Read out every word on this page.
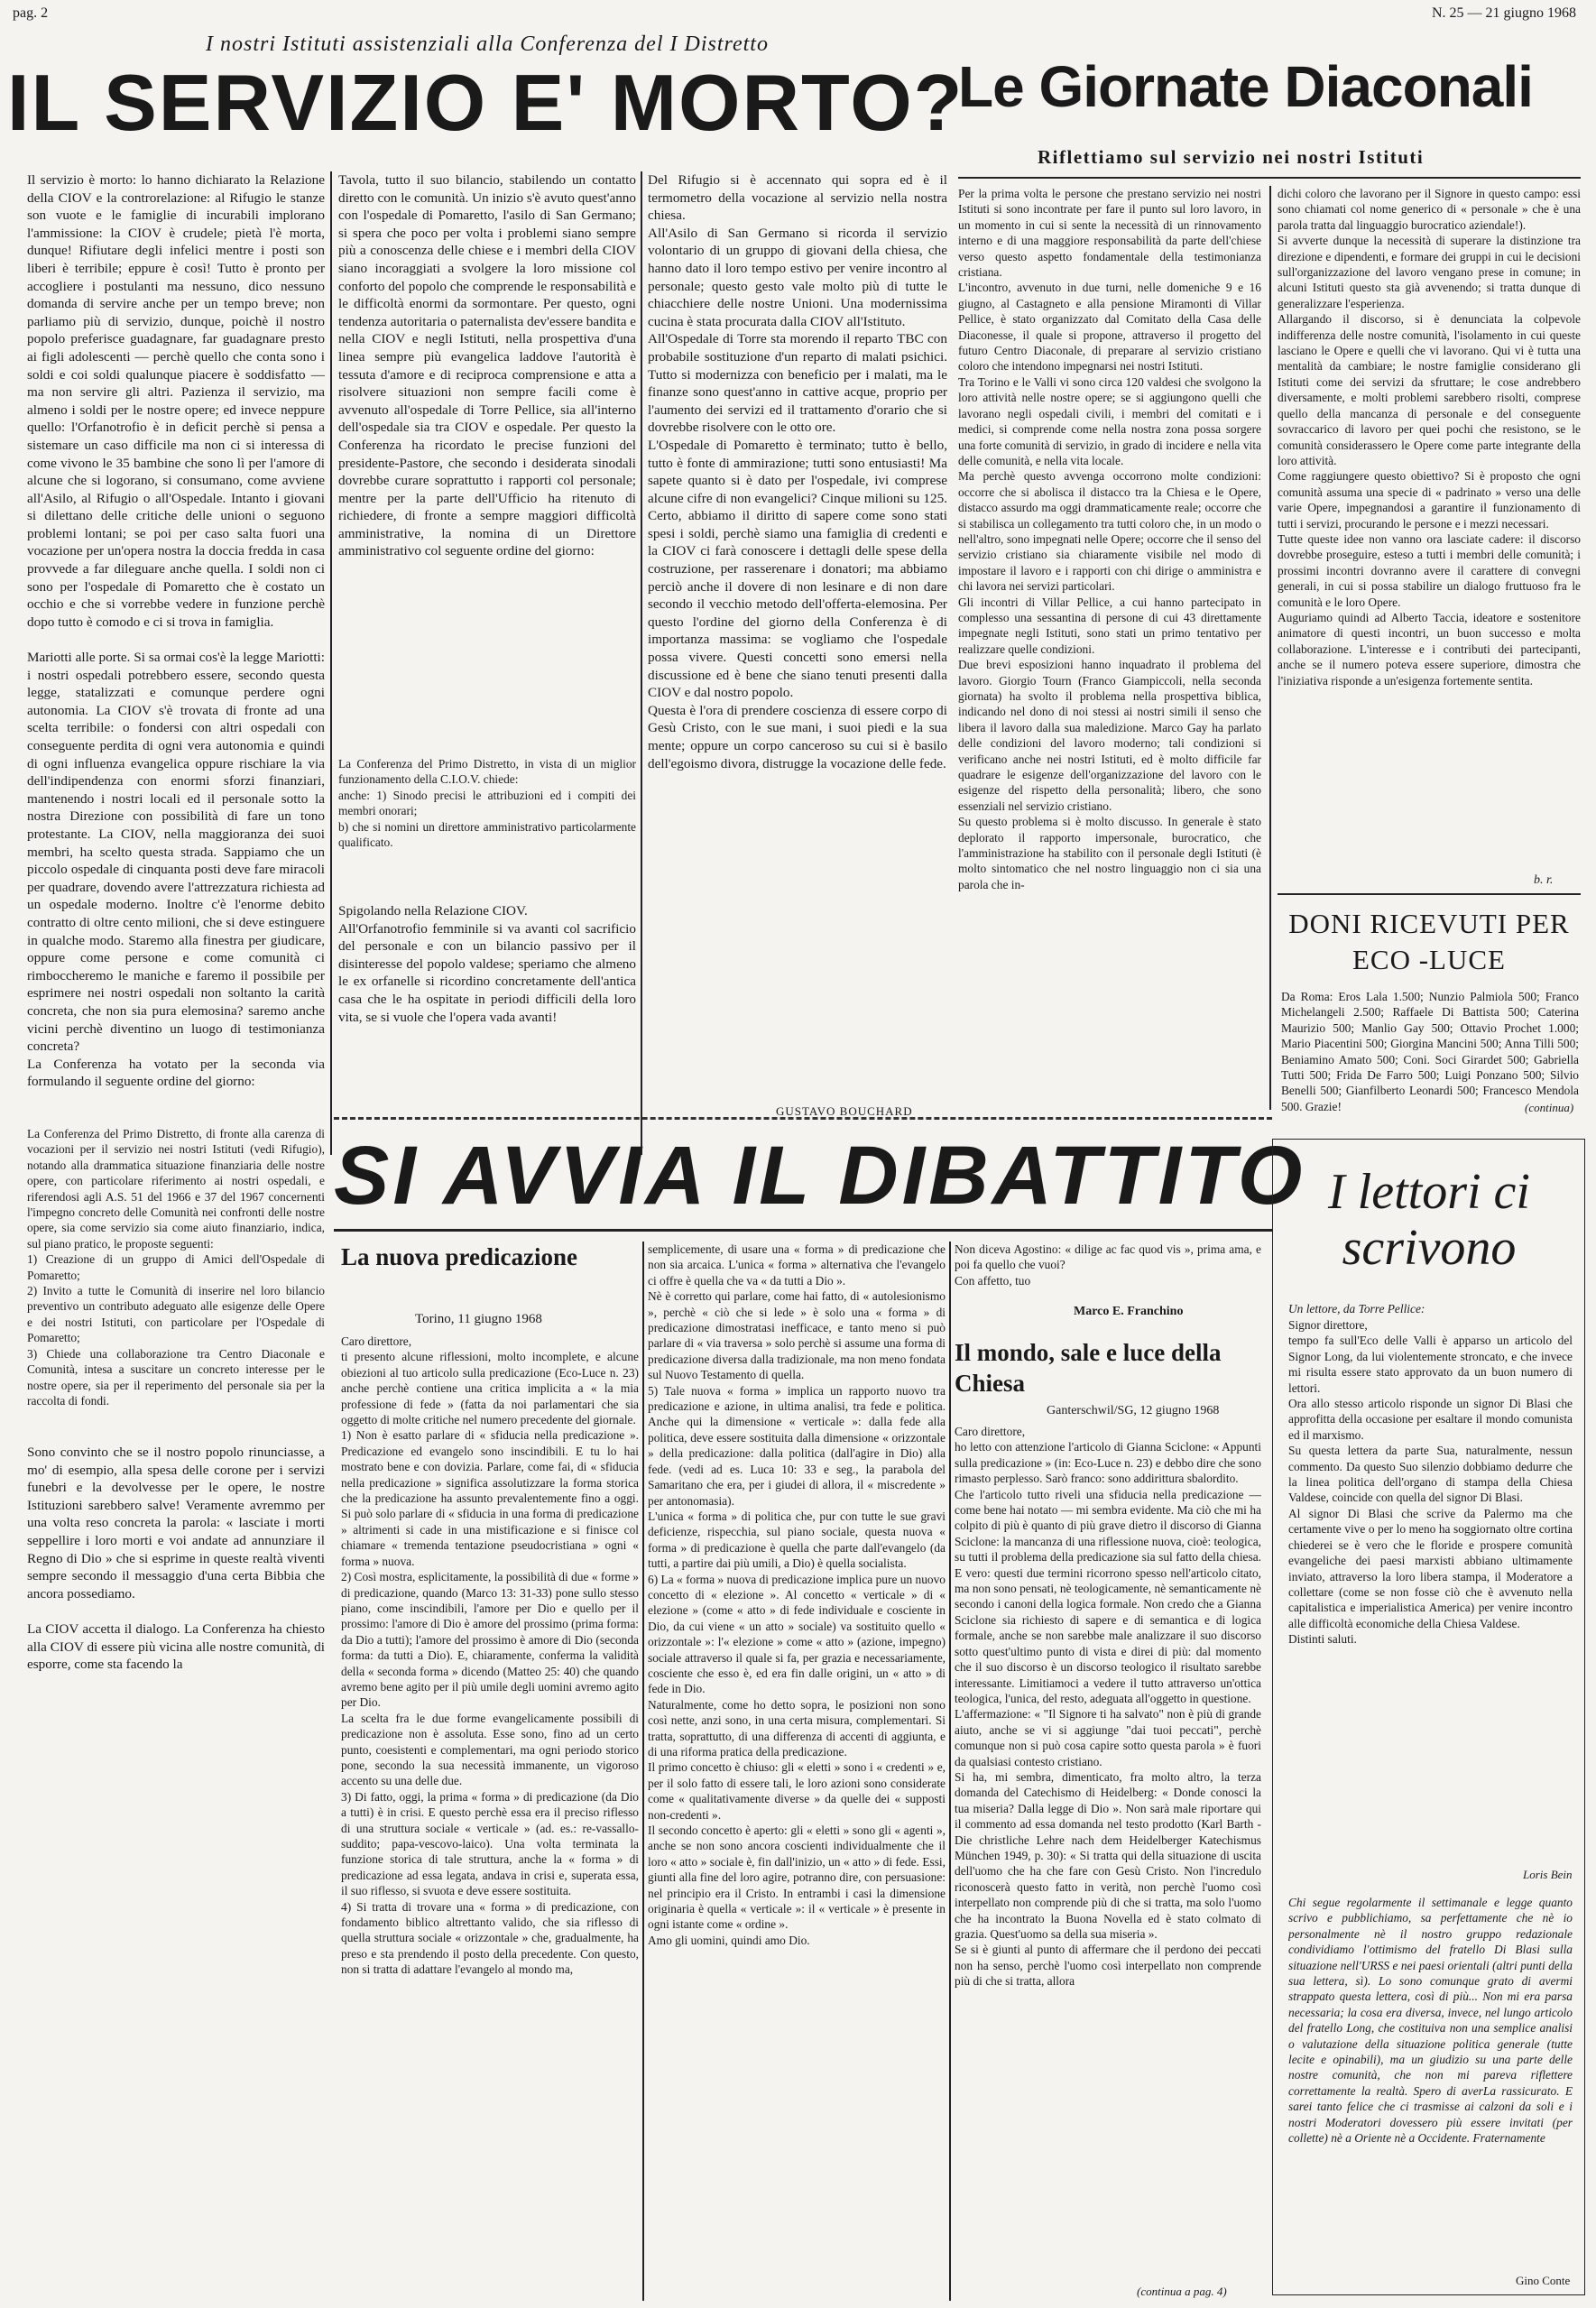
pag. 2	N. 25 — 21 giugno 1968
I nostri Istituti assistenziali alla Conferenza del I Distretto
IL SERVIZIO E' MORTO?
Il servizio è morto: lo hanno dichiarato la Relazione della CIOV e la controrelazione: al Rifugio le stanze son vuote e le famiglie di incurabili implorano l'ammissione: la CIOV è crudele; pietà l'è morta, dunque! Rifiutare degli infelici mentre i posti son liberi è terribile; eppure è così! Tutto è pronto per accogliere i postulanti ma nessuno, dico nessuno domanda di servire anche per un tempo breve; non parliamo più di servizio, dunque, poichè il nostro popolo preferisce guadagnare, far guadagnare presto ai figli adolescenti — perchè quello che conta sono i soldi e coi soldi qualunque piacere è soddisfatto — ma non servire gli altri. Pazienza il servizio, ma almeno i soldi per le nostre opere; ed invece neppure quello: l'Orfanotrofio è in deficit perchè si pensa a sistemare un caso difficile ma non ci si interessa di come vivono le 35 bambine che sono lì per l'amore di alcune che si logorano, si consumano, come avviene all'Asilo, al Rifugio o all'Ospedale. Intanto i giovani si dilettano delle critiche delle unioni o seguono problemi lontani; se poi per caso salta fuori una vocazione per un'opera nostra la doccia fredda in casa provvede a far dileguare anche quella. I soldi non ci sono per l'ospedale di Pomaretto che è costato un occhio e che si vorrebbe vedere in funzione perchè dopo tutto è comodo e ci si trova in famiglia.

Mariotti alle porte. Si sa ormai cos'è la legge Mariotti: i nostri ospedali potrebbero essere, secondo questa legge, statalizzati e comunque perdere ogni autonomia. La CIOV s'è trovata di fronte ad una scelta terribile: o fondersi con altri ospedali con conseguente perdita di ogni vera autonomia e quindi di ogni influenza evangelica oppure rischiare la via dell'indipendenza con enormi sforzi finanziari, mantenendo i nostri locali ed il personale sotto la nostra Direzione con possibilità di fare un tono protestante. La CIOV, nella maggioranza dei suoi membri, ha scelto questa strada. Sappiamo che un piccolo ospedale di cinquanta posti deve fare miracoli per quadrare, dovendo avere l'attrezzatura richiesta ad un ospedale moderno. Inoltre c'è l'enorme debito contratto di oltre cento milioni, che si deve estinguere in qualche modo. Staremo alla finestra per giudicare, oppure come persone e come comunità ci rimboccheremo le maniche e faremo il possibile per esprimere nei nostri ospedali non soltanto la carità concreta, che non sia pura elemosina? saremo anche vicini perchè diventino un luogo di testimonianza concreta?
La Conferenza ha votato per la seconda via formulando il seguente ordine del giorno:
La Conferenza del Primo Distretto, di fronte alla carenza di vocazioni per il servizio nei nostri Istituti (vedi Rifugio), notando alla drammatica situazione finanziaria delle nostre opere, con particolare riferimento ai nostri ospedali, e riferendosi agli A.S. 51 del 1966 e 37 del 1967 concernenti l'impegno concreto delle Comunità nei confronti delle nostre opere, sia come servizio sia come aiuto finanziario, indica, sul piano pratico, le proposte seguenti:
1) Creazione di un gruppo di Amici dell'Ospedale di Pomaretto;
2) Invito a tutte le Comunità di inserire nel loro bilancio preventivo un contributo adeguato alle esigenze delle Opere e dei nostri Istituti, con particolare per l'Ospedale di Pomaretto;
3) Chiede una collaborazione tra Centro Diaconale e Comunità, intesa a suscitare un concreto interesse per le nostre opere, sia per il reperimento del personale sia per la raccolta di fondi.
Sono convinto che se il nostro popolo rinunciasse, a mo' di esempio, alla spesa delle corone per i servizi funebri e la devolvesse per le opere, le nostre Istituzioni sarebbero salve! Veramente avremmo per una volta reso concreta la parola: « lasciate i morti seppellire i loro morti e voi andate ad annunziare il Regno di Dio » che si esprime in queste realtà viventi sempre secondo il messaggio d'una certa Bibbia che ancora possediamo.

La CIOV accetta il dialogo. La Conferenza ha chiesto alla CIOV di essere più vicina alle nostre comunità, di esporre, come sta facendo la
Tavola, tutto il suo bilancio, stabilendo un contatto diretto con le comunità. Un inizio s'è avuto quest'anno con l'ospedale di Pomaretto, l'asilo di San Germano; si spera che poco per volta i problemi siano sempre più a conoscenza delle chiese e i membri della CIOV siano incoraggiati a svolgere la loro missione col conforto del popolo che comprende le responsabilità e le difficoltà enormi da sormontare. Per questo, ogni tendenza autoritaria o paternalista dev'essere bandita e nella CIOV e negli Istituti, nella prospettiva d'una linea sempre più evangelica laddove l'autorità è tessuta d'amore e di reciproca comprensione e atta a risolvere situazioni non sempre facili come è avvenuto all'ospedale di Torre Pellice, sia all'interno dell'ospedale sia tra CIOV e ospedale. Per questo la Conferenza ha ricordato le precise funzioni del presidente-Pastore, che secondo i desiderata sinodali dovrebbe curare soprattutto i rapporti col personale; mentre per la parte dell'Ufficio ha ritenuto di richiedere, di fronte a sempre maggiori difficoltà amministrative, la nomina di un Direttore amministrativo col seguente ordine del giorno:
La Conferenza del Primo Distretto, in vista di un miglior funzionamento della C.I.O.V. chiede:
anche: 1) Sinodo precisi le attribuzioni ed i compiti dei membri onorari;
b) che si nomini un direttore amministrativo particolarmente qualificato.
Spigolando nella Relazione CIOV.
All'Orfanotrofio femminile si va avanti col sacrificio del personale e con un bilancio passivo per il disinteresse del popolo valdese; speriamo che almeno le ex orfanelle si ricordino concretamente dell'antica casa che le ha ospitate in periodi difficili della loro vita, se si vuole che l'opera vada avanti!
Del Rifugio si è accennato qui sopra ed è il termometro della vocazione al servizio nella nostra chiesa.
All'Asilo di San Germano si ricorda il servizio volontario di un gruppo di giovani della chiesa, che hanno dato il loro tempo estivo per venire incontro al personale; questo gesto vale molto più di tutte le chiacchiere delle nostre Unioni. Una modernissima cucina è stata procurata dalla CIOV all'Istituto.
All'Ospedale di Torre sta morendo il reparto TBC con probabile sostituzione d'un reparto di malati psichici. Tutto si modernizza con beneficio per i malati, ma le finanze sono quest'anno in cattive acque, proprio per l'aumento dei servizi ed il trattamento d'orario che si dovrebbe risolvere con le otto ore.
L'Ospedale di Pomaretto è terminato; tutto è bello, tutto è fonte di ammirazione; tutti sono entusiasti! Ma sapete quanto si è dato per l'ospedale, ivi comprese alcune cifre di non evangelici? Cinque milioni su 125. Certo, abbiamo il diritto di sapere come sono stati spesi i soldi, perchè siamo una famiglia di credenti e la CIOV ci farà conoscere i dettagli delle spese della costruzione, per rasserenare i donatori; ma abbiamo perciò anche il dovere di non lesinare e di non dare secondo il vecchio metodo dell'offerta-elemosina. Per questo l'ordine del giorno della Conferenza è di importanza massima: se vogliamo che l'ospedale possa vivere. Questi concetti sono emersi nella discussione ed è bene che siano tenuti presenti dalla CIOV e dal nostro popolo.
Questa è l'ora di prendere coscienza di essere corpo di Gesù Cristo, con le sue mani, i suoi piedi e la sua mente; oppure un corpo canceroso su cui si è basilo dell'egoismo divora, distrugge la vocazione delle fede.
GUSTAVO BOUCHARD
Le Giornate Diaconali
Riflettiamo sul servizio nei nostri Istituti
Per la prima volta le persone che prestano servizio nei nostri Istituti si sono incontrate per fare il punto sul loro lavoro, in un momento in cui si sente la necessità di un rinnovamento interno e di una maggiore responsabilità da parte dell'chiese verso questo aspetto fondamentale della testimonianza cristiana.
L'incontro, avvenuto in due turni, nelle domeniche 9 e 16 giugno, al Castagneto e alla pensione Miramonti di Villar Pellice, è stato organizzato dal Comitato della Casa delle Diaconesse, il quale si propone, attraverso il progetto del futuro Centro Diaconale, di preparare al servizio cristiano coloro che intendono impegnarsi nei nostri Istituti.
Tra Torino e le Valli vi sono circa 120 valdesi che svolgono la loro attività nelle nostre opere; se si aggiungono quelli che lavorano negli ospedali civili, i membri del comitati e i medici, si comprende come nella nostra zona possa sorgere una forte comunità di servizio, in grado di incidere e nella vita delle comunità, e nella vita locale.
Ma perchè questo avvenga occorrono molte condizioni: occorre che si abolisca il distacco tra la Chiesa e le Opere, distacco assurdo ma oggi drammaticamente reale; occorre che si stabilisca un collegamento tra tutti coloro che, in un modo o nell'altro, sono impegnati nelle Opere; occorre che il senso del servizio cristiano sia chiaramente visibile nel modo di impostare il lavoro e i rapporti con chi dirige o amministra e chi lavora nei servizi particolari.
Gli incontri di Villar Pellice, a cui hanno partecipato in complesso una sessantina di persone di cui 43 direttamente impegnate negli Istituti, sono stati un primo tentativo per realizzare quelle condizioni.
Due brevi esposizioni hanno inquadrato il problema del lavoro. Giorgio Tourn (Franco Giampiccoli, nella seconda giornata) ha svolto il problema nella prospettiva biblica, indicando nel dono di noi stessi ai nostri simili il senso che libera il lavoro dalla sua maledizione. Marco Gay ha parlato delle condizioni del lavoro moderno; tali condizioni si verificano anche nei nostri Istituti, ed è molto difficile far quadrare le esigenze dell'organizzazione del lavoro con le esigenze del rispetto della personalità; libero, che sono essenziali nel servizio cristiano.
Su questo problema si è molto discusso. In generale è stato deplorato il rapporto impersonale, burocratico, che l'amministrazione ha stabilito con il personale degli Istituti (è molto sintomatico che nel nostro linguaggio non ci sia una parola che in-
dichi coloro che lavorano per il Signore in questo campo: essi sono chiamati col nome generico di « personale » che è una parola tratta dal linguaggio burocratico aziendale!).
Si avverte dunque la necessità di superare la distinzione tra direzione e dipendenti, e formare dei gruppi in cui le decisioni sull'organizzazione del lavoro vengano prese in comune; in alcuni Istituti questo sta già avvenendo; si tratta dunque di generalizzare l'esperienza.
Allargando il discorso, si è denunciata la colpevole indifferenza delle nostre comunità, l'isolamento in cui queste lasciano le Opere e quelli che vi lavorano. Qui vi è tutta una mentalità da cambiare; le nostre famiglie considerano gli Istituti come dei servizi da sfruttare; le cose andrebbero diversamente, e molti problemi sarebbero risolti, comprese quello della mancanza di personale e del conseguente sovraccarico di lavoro per quei pochi che resistono, se le comunità considerassero le Opere come parte integrante della loro attività.
Come raggiungere questo obiettivo? Si è proposto che ogni comunità assuma una specie di « padrinato » verso una delle varie Opere, impegnandosi a garantire il funzionamento di tutti i servizi, procurando le persone e i mezzi necessari.
Tutte queste idee non vanno ora lasciate cadere: il discorso dovrebbe proseguire, esteso a tutti i membri delle comunità; i prossimi incontri dovranno avere il carattere di convegni generali, in cui si possa stabilire un dialogo fruttuoso fra le comunità e le loro Opere.
Auguriamo quindi ad Alberto Taccia, ideatore e sostenitore animatore di questi incontri, un buon successo e molta collaborazione. L'interesse e i contributi dei partecipanti, anche se il numero poteva essere superiore, dimostra che l'iniziativa risponde a un'esigenza fortemente sentita.
b. r.
DONI RICEVUTI PER ECO -LUCE
Da Roma: Eros Lala 1.500; Nunzio Palmiola 500; Franco Michelangeli 2.500; Raffaele Di Battista 500; Caterina Maurizio 500; Manlio Gay 500; Ottavio Prochet 1.000; Mario Piacentini 500; Giorgina Mancini 500; Anna Tilli 500; Beniamino Amato 500; Coni. Soci Girardet 500; Gabriella Tutti 500; Frida De Farro 500; Luigi Ponzano 500; Silvio Benelli 500; Gianfilberto Leonardi 500; Francesco Mendola 500. Grazie!	(continua)
SI AVVIA IL DIBATTITO
La nuova predicazione
Torino, 11 giugno 1968
Caro direttore,
ti presento alcune riflessioni, molto incomplete, e alcune obiezioni al tuo articolo sulla predicazione (Eco-Luce n. 23) anche perchè contiene una critica implicita a « la mia professione di fede » (fatta da noi parlamentari che sia oggetto di molte critiche nel numero precedente del giornale.
1) Non è esatto parlare di « sfiducia nella predicazione ». Predicazione ed evangelo sono inscindibili. E tu lo hai mostrato bene e con dovizia. Parlare, come fai, di « sfiducia nella predicazione » significa assolutizzare la forma storica che la predicazione ha assunto prevalentemente fino a oggi. Si può solo parlare di « sfiducia in una forma di predicazione » altrimenti si cade in una mistificazione e si finisce col chiamare « tremenda tentazione pseudocristiana » ogni « forma » nuova.
2) Così mostra, esplicitamente, la possibilità di due « forme » di predicazione, quando (Marco 13: 31-33) pone sullo stesso piano, come inscindibili, l'amore per Dio e quello per il prossimo: l'amore di Dio è amore del prossimo (prima forma: da Dio a tutti); l'amore del prossimo è amore di Dio (seconda forma: da tutti a Dio). E, chiaramente, conferma la validità della « seconda forma » dicendo (Matteo 25: 40) che quando avremo bene agito per il più umile degli uomini avremo agito per Dio.
La scelta fra le due forme evangelicamente possibili di predicazione non è assoluta. Esse sono, fino ad un certo punto, coesistenti e complementari, ma ogni periodo storico pone, secondo la sua necessità immanente, un vigoroso accento su una delle due.
3) Di fatto, oggi, la prima « forma » di predicazione (da Dio a tutti) è in crisi. E questo perchè essa era il preciso riflesso di una struttura sociale « verticale » (ad. es.: re-vassallo-suddito; papa-vescovo-laico). Una volta terminata la funzione storica di tale struttura, anche la « forma » di predicazione ad essa legata, andava in crisi e, superata essa, il suo riflesso, si svuota e deve essere sostituita.
4) Si tratta di trovare una « forma » di predicazione, con fondamento biblico altrettanto valido, che sia riflesso di quella struttura sociale « orizzontale » che, gradualmente, ha preso e sta prendendo il posto della precedente. Con questo, non si tratta di adattare l'evangelo al mondo ma,
semplicemente, di usare una « forma » di predicazione che non sia arcaica. L'unica « forma » alternativa che l'evangelo ci offre è quella che va « da tutti a Dio ».
Nè è corretto qui parlare, come hai fatto, di « autolesionismo », perchè « ciò che si lede » è solo una « forma » di predicazione dimostratasi inefficace, e tanto meno si può parlare di « via traversa » solo perchè si assume una forma di predicazione diversa dalla tradizionale, ma non meno fondata sul Nuovo Testamento di quella.
5) Tale nuova « forma » implica un rapporto nuovo tra predicazione e azione, in ultima analisi, tra fede e politica. Anche qui la dimensione « verticale »: dalla fede alla politica, deve essere sostituita dalla dimensione « orizzontale » della predicazione: dalla politica (dall'agire in Dio) alla fede. (vedi ad es. Luca 10: 33 e seg., la parabola del Samaritano che era, per i giudei di allora, il « miscredente » per antonomasia).
L'unica « forma » di politica che, pur con tutte le sue gravi deficienze, rispecchia, sul piano sociale, questa nuova « forma » di predicazione è quella che parte dall'evangelo (da tutti, a partire dai più umili, a Dio) è quella socialista.
6) La « forma » nuova di predicazione implica pure un nuovo concetto di « elezione ». Al concetto « verticale » di « elezione » (come « atto » di fede individuale e cosciente in Dio, da cui viene « un atto » sociale) va sostituito quello « orizzontale »: l'« elezione » come « atto » (azione, impegno) sociale attraverso il quale si fa, per grazia e necessariamente, cosciente che esso è, ed era fin dalle origini, un « atto » di fede in Dio.
Naturalmente, come ho detto sopra, le posizioni non sono così nette, anzi sono, in una certa misura, complementari. Si tratta, soprattutto, di una differenza di accenti di aggiunta, e di una riforma pratica della predicazione.
Il primo concetto è chiuso: gli « eletti » sono i « credenti » e, per il solo fatto di essere tali, le loro azioni sono considerate come « qualitativamente diverse » da quelle dei « supposti non-credenti ».
Il secondo concetto è aperto: gli « eletti » sono gli « agenti », anche se non sono ancora coscienti individualmente che il loro « atto » sociale è, fin dall'inizio, un « atto » di fede. Essi, giunti alla fine del loro agire, potranno dire, con persuasione: nel principio era il Cristo. In entrambi i casi la dimensione originaria è quella « verticale »: il « verticale » è presente in ogni istante come « ordine ».
Amo gli uomini, quindi amo Dio.
Non diceva Agostino: « dilige ac fac quod vis », prima ama, e poi fa quello che vuoi?
Con affetto, tuo
Marco E. Franchino
Il mondo, sale e luce della Chiesa
Ganterschwil/SG, 12 giugno 1968
Caro direttore,
ho letto con attenzione l'articolo di Gianna Sciclone: « Appunti sulla predicazione » (in: Eco-Luce n. 23) e debbo dire che sono rimasto perplesso. Sarò franco: sono addirittura sbalordito.
Che l'articolo tutto riveli una sfiducia nella predicazione — come bene hai notato — mi sembra evidente. Ma ciò che mi ha colpito di più è quanto di più grave dietro il discorso di Gianna Sciclone: la mancanza di una riflessione nuova, cioè: teologica, su tutti il problema della predicazione sia sul fatto della chiesa. E vero: questi due termini ricorrono spesso nell'articolo citato, ma non sono pensati, nè teologicamente, nè semanticamente nè secondo i canoni della logica formale. Non credo che a Gianna Sciclone sia richiesto di sapere e di semantica e di logica formale, anche se non sarebbe male analizzare il suo discorso sotto quest'ultimo punto di vista e direi di più: dal momento che il suo discorso è un discorso teologico il risultato sarebbe interessante. Limitiamoci a vedere il tutto attraverso un'ottica teologica, l'unica, del resto, adeguata all'oggetto in questione.
L'affermazione: « "Il Signore ti ha salvato" non è più di grande aiuto, anche se vi si aggiunge "dai tuoi peccati", perchè comunque non si può cosa capire sotto questa parola » è fuori da qualsiasi contesto cristiano.
Si ha, mi sembra, dimenticato, fra molto altro, la terza domanda del Catechismo di Heidelberg: « Donde conosci la tua miseria? Dalla legge di Dio ». Non sarà male riportare qui il commento ad essa domanda nel testo prodotto (Karl Barth - Die christliche Lehre nach dem Heidelberger Katechismus München 1949, p. 30): « Si tratta qui della situazione di uscita dell'uomo che ha che fare con Gesù Cristo. Non l'incredulo riconoscerà questo fatto in verità, non perchè l'uomo così interpellato non comprende più di che si tratta, ma solo l'uomo che ha incontrato la Buona Novella ed è stato colmato di grazia. Quest'uomo sa della sua miseria ».
Se si è giunti al punto di affermare che il perdono dei peccati non ha senso, perchè l'uomo così interpellato non comprende più di che si tratta, allora
(continua a pag. 4)
I lettori ci scrivono
Un lettore, da Torre Pellice:
Signor direttore,
tempo fa sull'Eco delle Valli è apparso un articolo del Signor Long, da lui violentemente stroncato, e che invece mi risulta essere stato approvato da un buon numero di lettori.
Ora allo stesso articolo risponde un signor Di Blasi che approfitta della occasione per esaltare il mondo comunista ed il marxismo.
Su questa lettera da parte Sua, naturalmente, nessun commento. Da questo Suo silenzio dobbiamo dedurre che la linea politica dell'organo di stampa della Chiesa Valdese, coincide con quella del signor Di Blasi.
Al signor Di Blasi che scrive da Palermo ma che certamente vive o per lo meno ha soggiornato oltre cortina chiederei se è vero che le floride e prospere comunità evangeliche dei paesi marxisti abbiano ultimamente inviato, attraverso la loro libera stampa, il Moderatore a collettare (come se non fosse ciò che è avvenuto nella capitalistica e imperialistica America) per venire incontro alle difficoltà economiche della Chiesa Valdese.
Distinti saluti.
Loris Bein
Chi segue regolarmente il settimanale e legge quanto scrivo e pubblichiamo, sa perfettamente che nè io personalmente nè il nostro gruppo redazionale condividiamo l'ottimismo del fratello Di Blasi sulla situazione nell'URSS e nei paesi orientali (altri punti della sua lettera, sì). Lo sono comunque grato di avermi strappato questa lettera, così di più... Non mi era parsa necessaria; la cosa era diversa, invece, nel lungo articolo del fratello Long, che costituiva non una semplice analisi o valutazione della situazione politica generale (tutte lecite e opinabili), ma un giudizio su una parte delle nostre comunità, che non mi pareva riflettere correttamente la realtà. Spero di averLa rassicurato. E sarei tanto felice che ci trasmisse ai calzoni da soli e i nostri Moderatori dovessero più essere invitati (per collette) nè a Oriente nè a Occidente. Fraternamente
Gino Conte
